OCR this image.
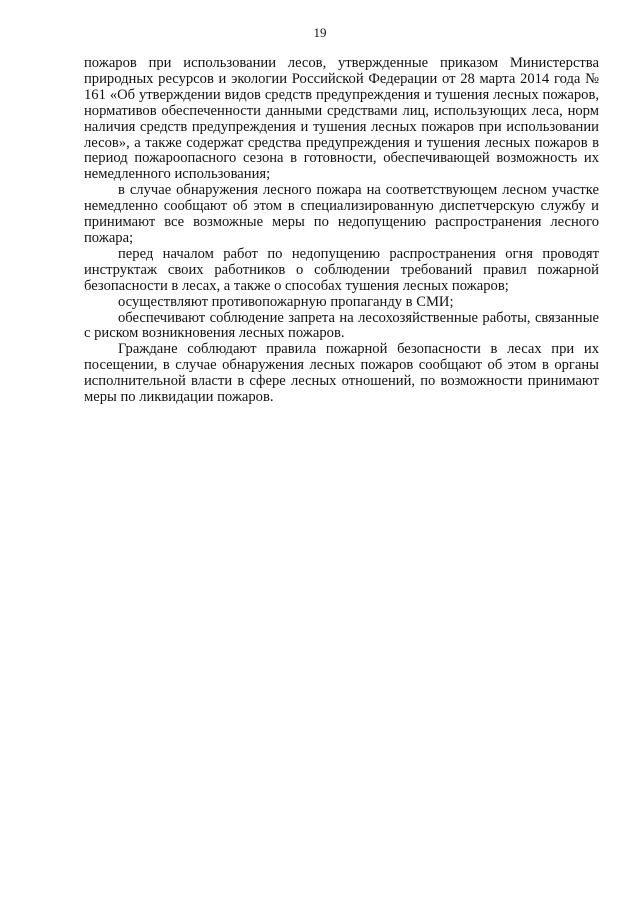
19

пожаров при использовании лесов, утвержденные приказом Министерства природных ресурсов и экологии Российской Федерации от 28 марта 2014 года № 161 «Об утверждении видов средств предупреждения и тушения лесных пожаров, нормативов обеспеченности данными средствами лиц, использующих леса, норм наличия средств предупреждения и тушения лесных пожаров при использовании лесов», а также содержат средства предупреждения и тушения лесных пожаров в период пожароопасного сезона в готовности, обеспечивающей возможность их немедленного использования;

в случае обнаружения лесного пожара на соответствующем лесном участке немедленно сообщают об этом в специализированную диспетчерскую службу и принимают все возможные меры по недопущению распространения лесного пожара;

перед началом работ по недопущению распространения огня проводят инструктаж своих работников о соблюдении требований правил пожарной безопасности в лесах, а также о способах тушения лесных пожаров;

осуществляют противопожарную пропаганду в СМИ;

обеспечивают соблюдение запрета на лесохозяйственные работы, связанные с риском возникновения лесных пожаров.

Граждане соблюдают правила пожарной безопасности в лесах при их посещении, в случае обнаружения лесных пожаров сообщают об этом в органы исполнительной власти в сфере лесных отношений, по возможности принимают меры по ликвидации пожаров.
